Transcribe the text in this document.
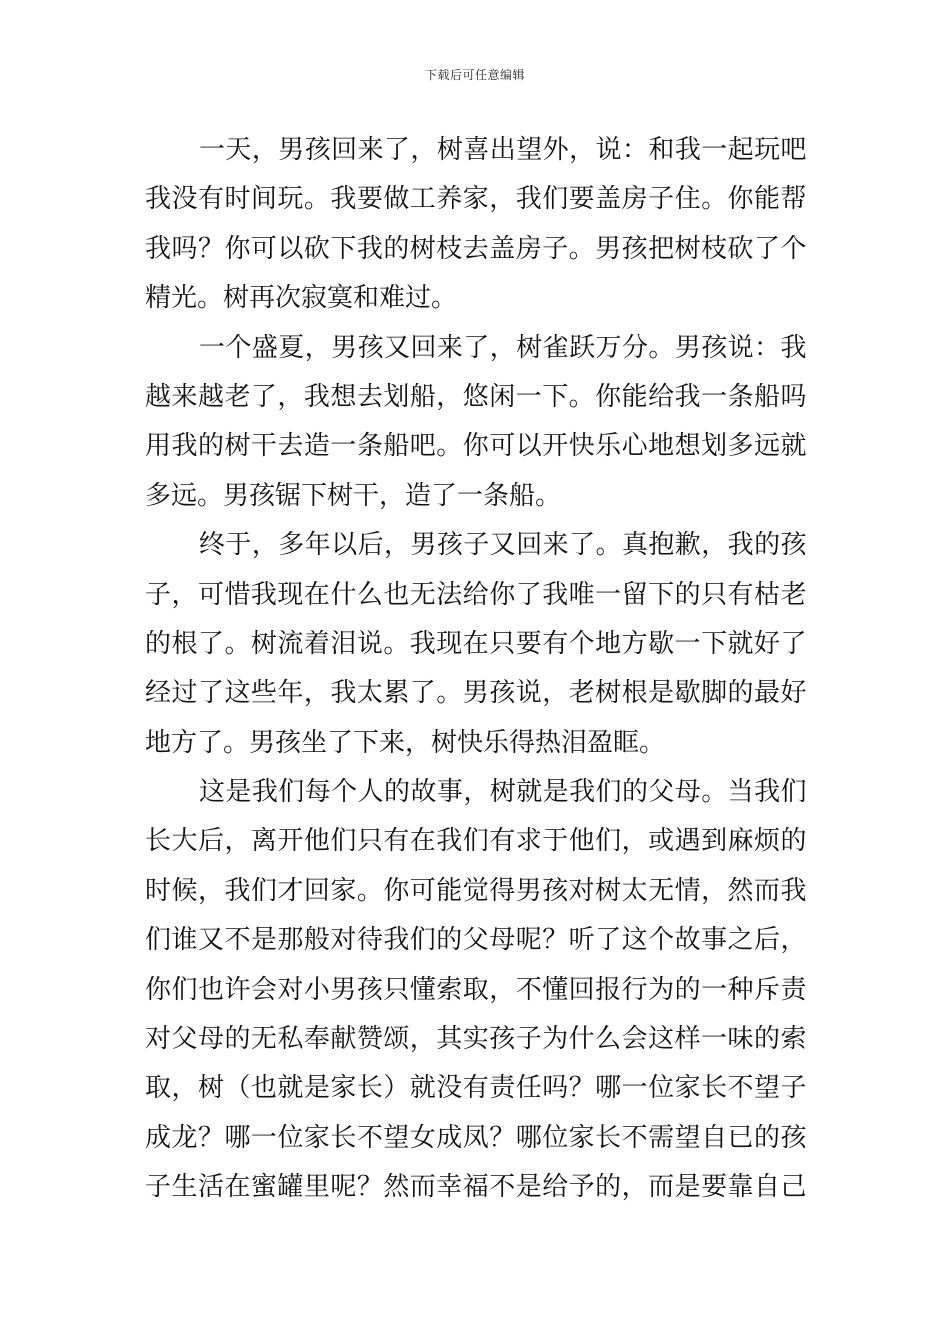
下载后可任意编辑
一天，男孩回来了，树喜出望外，说：和我一起玩吧
我没有时间玩。我要做工养家，我们要盖房子住。你能帮
我吗？你可以砍下我的树枝去盖房子。男孩把树枝砍了个
精光。树再次寂寞和难过。
一个盛夏，男孩又回来了，树雀跃万分。男孩说：我
越来越老了，我想去划船，悠闲一下。你能给我一条船吗
用我的树干去造一条船吧。你可以开快乐心地想划多远就
多远。男孩锯下树干，造了一条船。
终于，多年以后，男孩子又回来了。真抱歉，我的孩
子，可惜我现在什么也无法给你了我唯一留下的只有枯老
的根了。树流着泪说。我现在只要有个地方歇一下就好了
经过了这些年，我太累了。男孩说，老树根是歇脚的最好
地方了。男孩坐了下来，树快乐得热泪盈眶。
这是我们每个人的故事，树就是我们的父母。当我们
长大后，离开他们只有在我们有求于他们，或遇到麻烦的
时候，我们才回家。你可能觉得男孩对树太无情，然而我
们谁又不是那般对待我们的父母呢？听了这个故事之后，
你们也许会对小男孩只懂索取，不懂回报行为的一种斥责
对父母的无私奉献赞颂，其实孩子为什么会这样一味的索
取，树（也就是家长）就没有责任吗？哪一位家长不望子
成龙？哪一位家长不望女成凤？哪位家长不需望自已的孩
子生活在蜜罐里呢？然而幸福不是给予的，而是要靠自己
